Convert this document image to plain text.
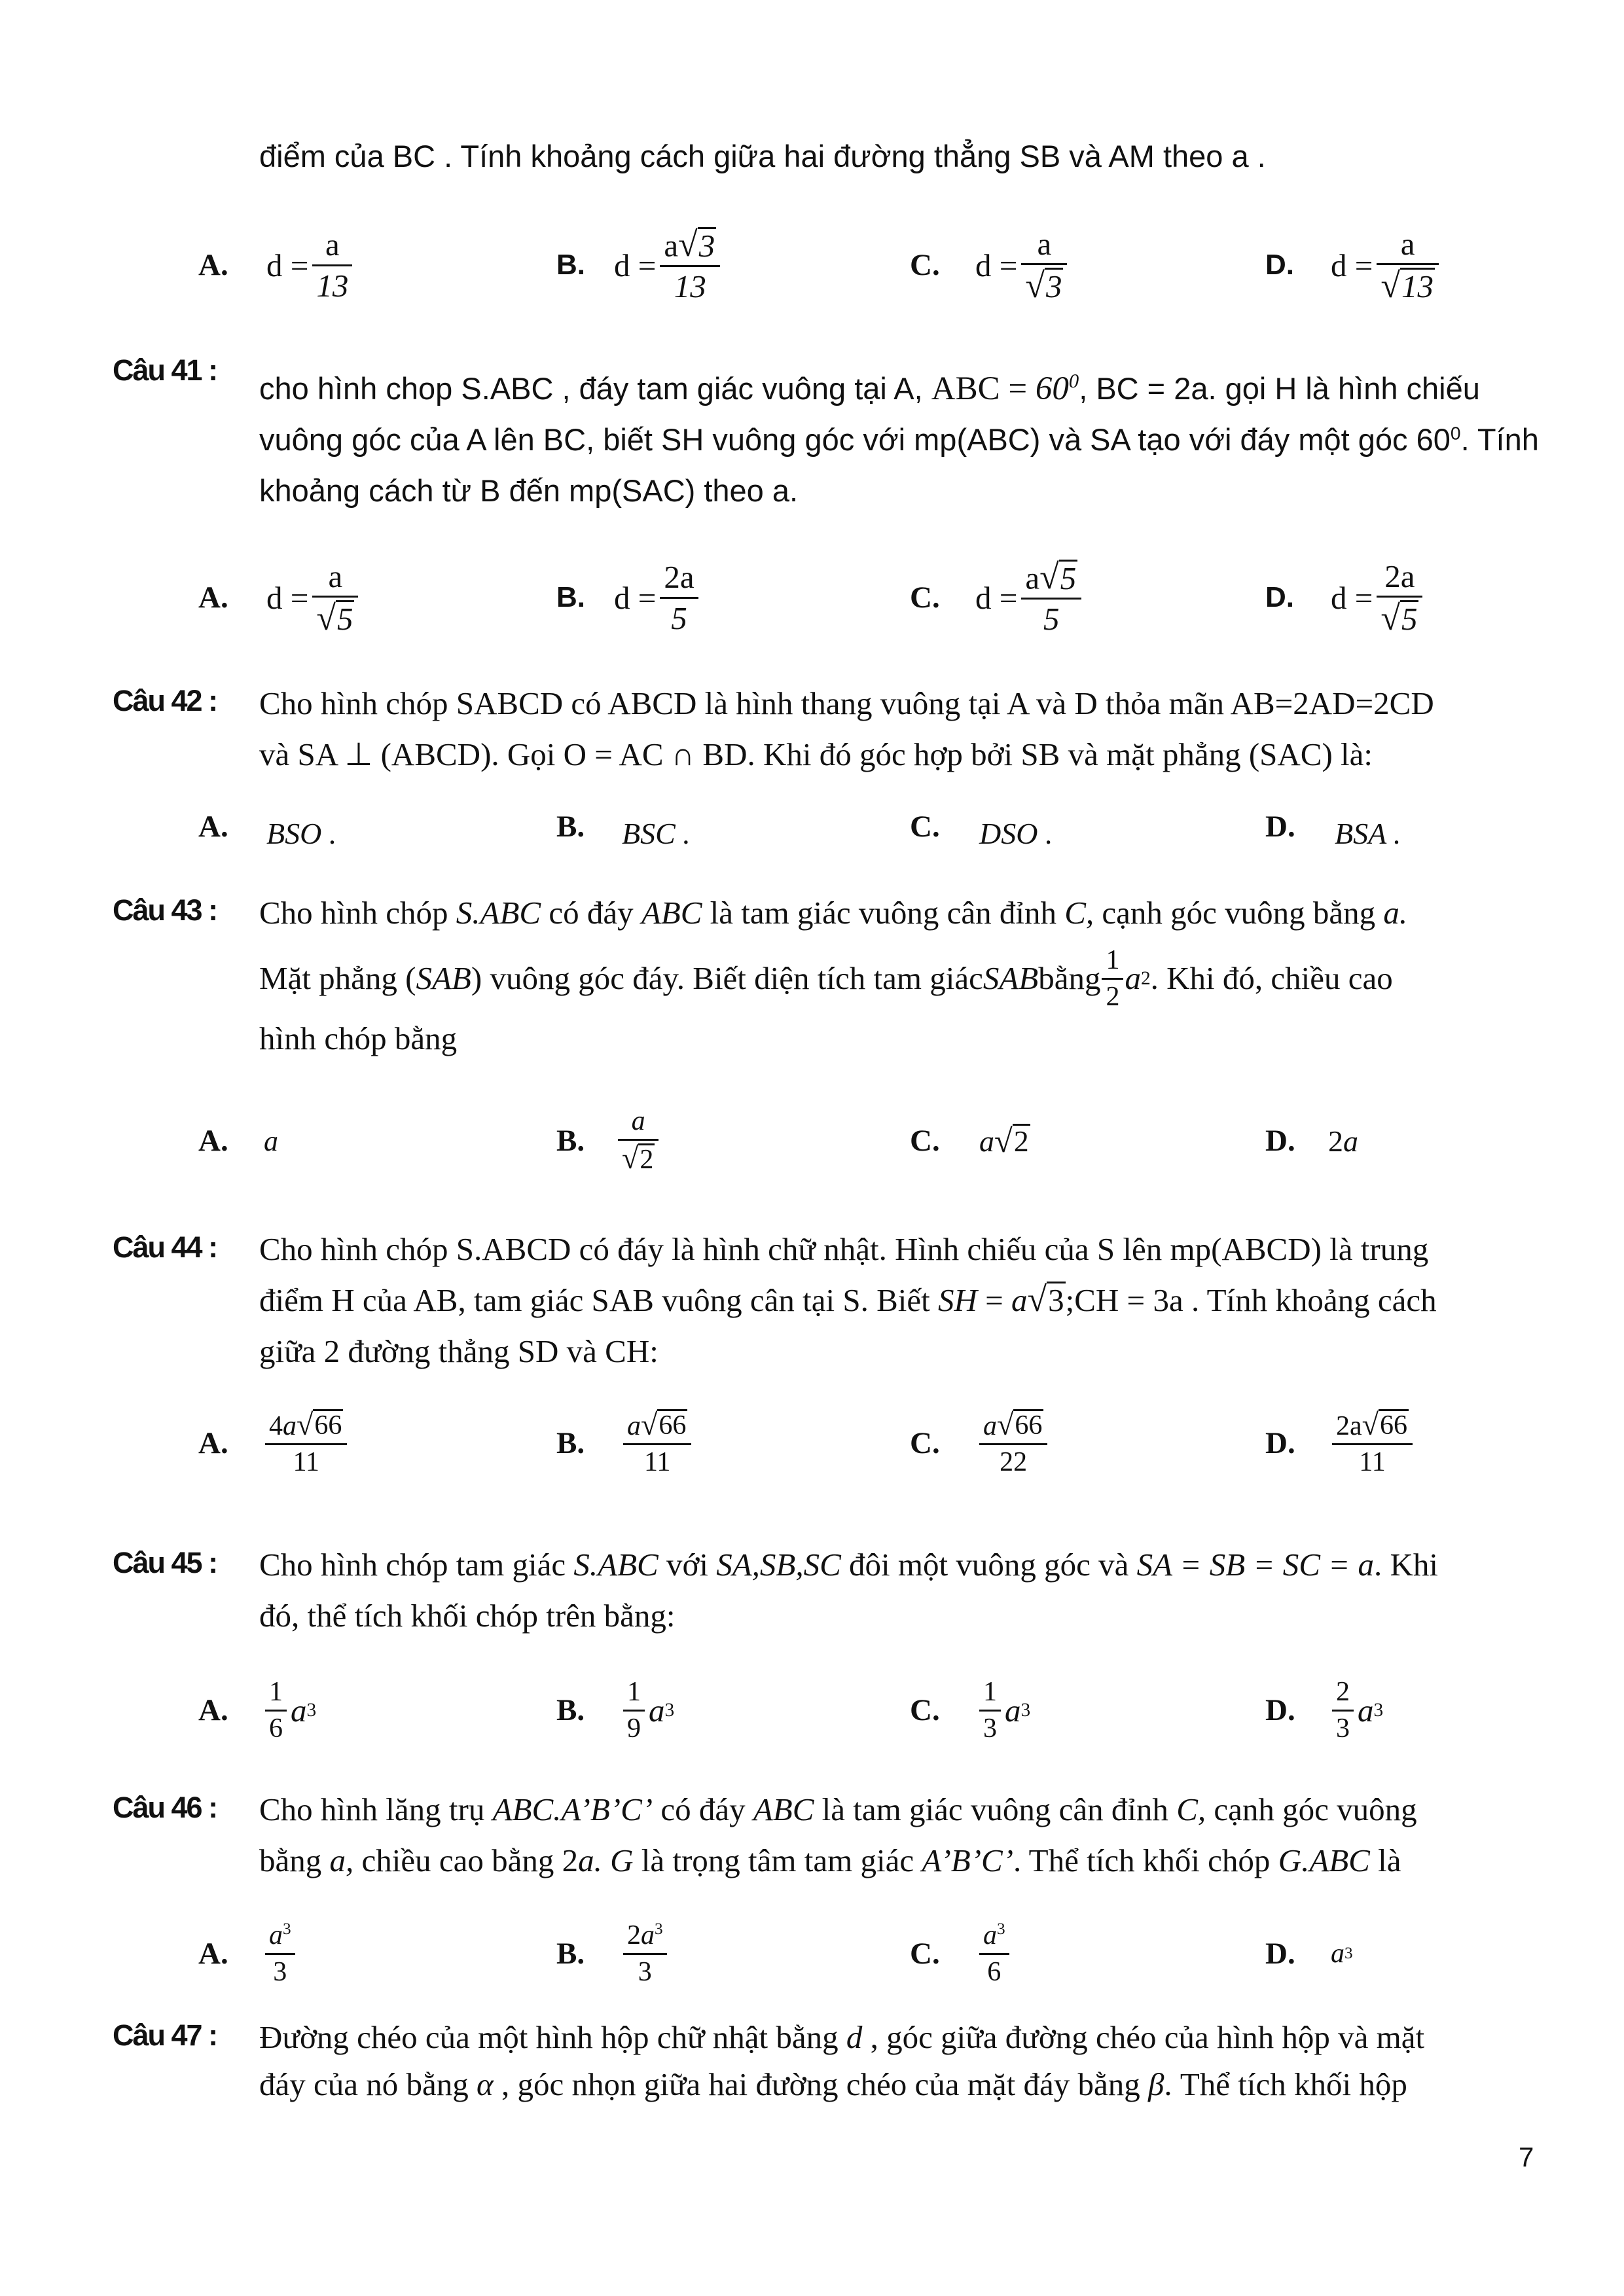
điểm của BC . Tính khoảng cách giữa hai đường thẳng SB và AM theo a .
A. $d = \frac{a}{13}$	B. $d = \frac{a √ 3}{13}$	C. $d = \frac{a}{√ 3}$	D. $d = \frac{a}{√ 13}$
Câu 41 :
cho hình chop S.ABC , đáy tam giác vuông tại A, ABC = $60^0$, BC = 2a. gọi H là hình chiếu
vuông góc của A lên BC, biết SH vuông góc với mp(ABC) và SA tạo với đáy một góc $60^0$. Tính
khoảng cách từ B đến mp(SAC) theo a.
A. $d = \frac{a}{√ 5}$	B. $d = \frac{2a}{5}$	C. $d = \frac{a √ 5}{5}$	D. $d = \frac{2a}{√ 5}$
Câu 42 : Cho hình chóp SABCD có ABCD là hình thang vuông tại A và D thỏa mãn AB=2AD=2CD
và SA ⊥ (ABCD). Gọi O = AC ∩ BD. Khi đó góc hợp bởi SB và mặt phẳng (SAC) là:
A. BSO .	B. BSC .	C. DSO .	D. BSA .
Câu 43 : Cho hình chóp S.ABC có đáy ABC là tam giác vuông cân đỉnh C, cạnh góc vuông bằng a.
Mặt phẳng ( SAB ) vuông góc đáy. Biết diện tích tam giác SAB bằng $\frac{1}{2}$ a 2 . Khi đó, chiều cao
hình chóp bằng
A. a	B. $\frac{a}{√ 2}$	C. a √ 2	D. 2 a
Câu 44 : Cho hình chóp S.ABCD có đáy là hình chữ nhật. Hình chiếu của S lên mp(ABCD) là trung
điểm H của AB, tam giác SAB vuông cân tại S. Biết SH = a √ 3 ;CH = 3a . Tính khoảng cách
giữa 2 đường thẳng SD và CH:
A. $\frac{4a √ 66}{11}$	B. $\frac{a √ 66}{11}$	C. $\frac{a √ 66}{22}$	D. $\frac{2a √ 66}{11}$
Câu 45 : Cho hình chóp tam giác S.ABC với SA,SB,SC đôi một vuông góc và SA = SB = SC = a. Khi
đó, thể tích khối chóp trên bằng:
A. $\frac{1}{6}$ a 3	B. $\frac{1}{9}$ a 3	C. $\frac{1}{3}$ a 3	D. $\frac{2}{3}$ a 3
Câu 46 : Cho hình lăng trụ ABC.A’B’C’ có đáy ABC là tam giác vuông cân đỉnh C, cạnh góc vuông
bằng a, chiều cao bằng 2a. G là trọng tâm tam giác A’B’C’. Thể tích khối chóp G.ABC là
A. $\frac{a^3}{3}$	B. $\frac{2a^3}{3}$	C. $\frac{a^3}{6}$	D. a 3
Câu 47 : Đường chéo của một hình hộp chữ nhật bằng d , góc giữa đường chéo của hình hộp và mặt
đáy của nó bằng α , góc nhọn giữa hai đường chéo của mặt đáy bằng β. Thể tích khối hộp
7
